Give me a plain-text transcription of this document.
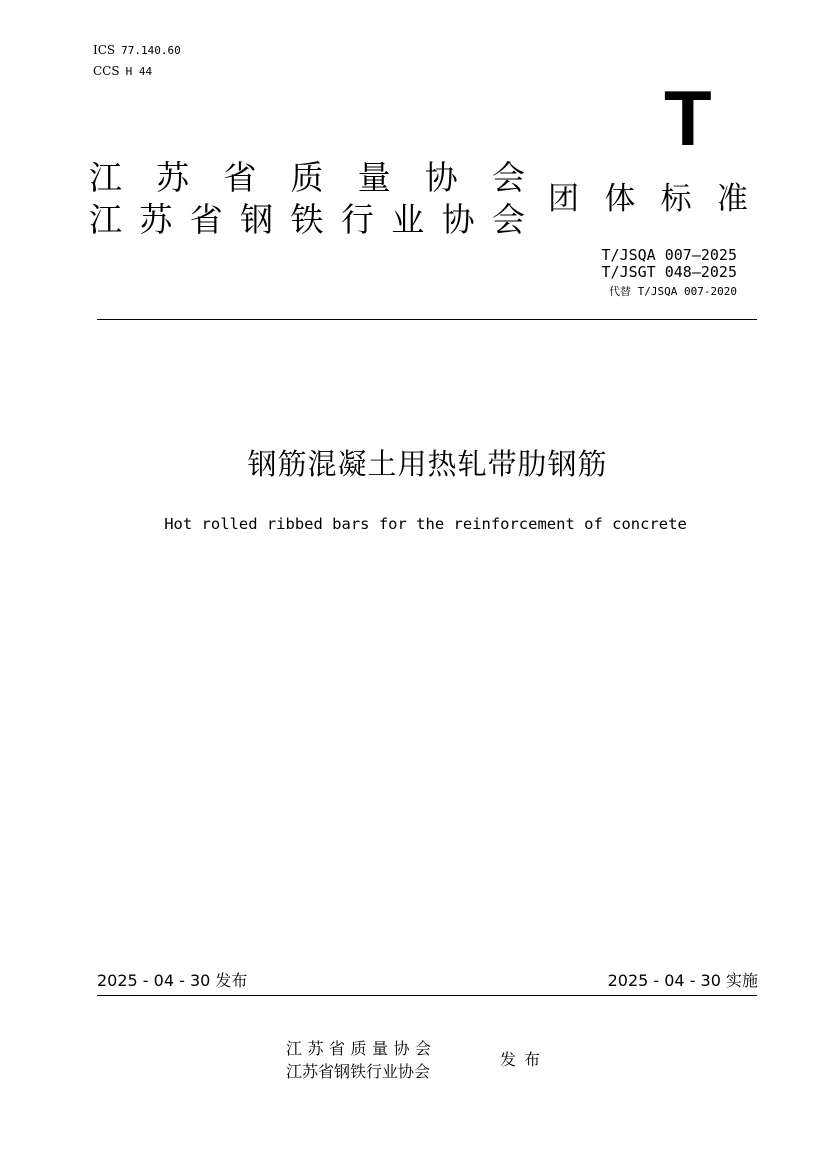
ICS 77.140.60
CCS H 44
T
江 苏 省 质 量 协 会
江 苏 省 钢 铁 行 业 协 会
团 体 标 准
T/JSQA 007—2025
T/JSGT 048—2025
代替 T/JSQA 007-2020
钢筋混凝土用热轧带肋钢筋
Hot rolled ribbed bars for the reinforcement of concrete
2025 - 04 - 30 发布	2025 - 04 - 30 实施
江苏省质量协会
江苏省钢铁行业协会
发布
